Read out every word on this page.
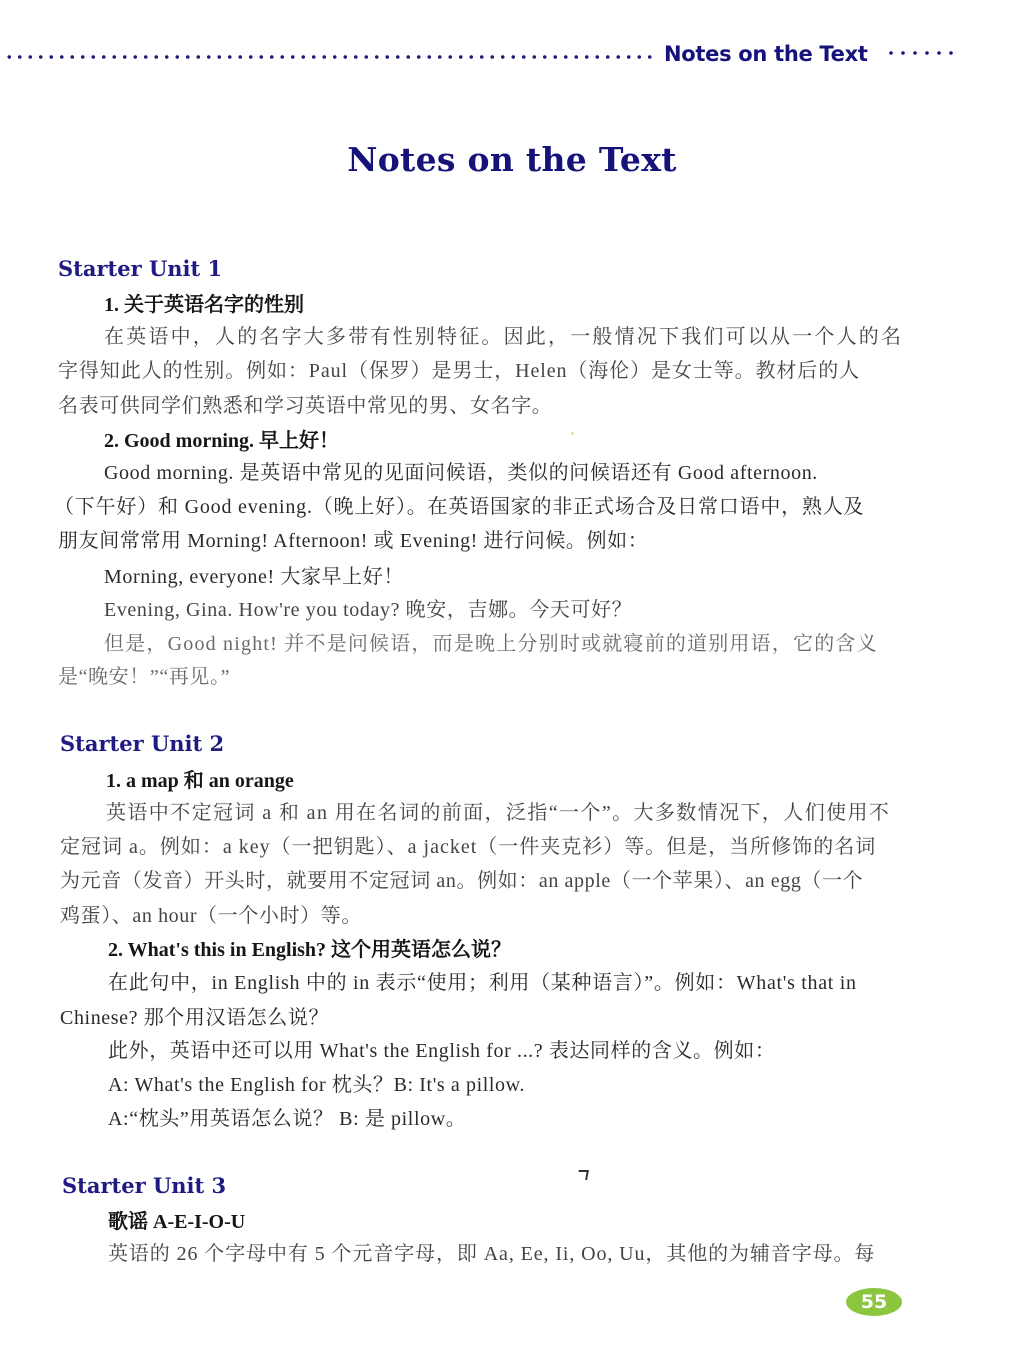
Notes on the Text
Notes on the Text
Starter Unit 1
1. 关于英语名字的性别
在英语中，人的名字大多带有性别特征。因此，一般情况下我们可以从一个人的名
字得知此人的性别。例如：Paul（保罗）是男士，Helen（海伦）是女士等。教材后的人
名表可供同学们熟悉和学习英语中常见的男、女名字。
2. Good morning. 早上好！
Good morning. 是英语中常见的见面问候语，类似的问候语还有 Good afternoon.
（下午好）和 Good evening.（晚上好）。在英语国家的非正式场合及日常口语中，熟人及
朋友间常常用 Morning! Afternoon! 或 Evening! 进行问候。例如：
Morning, everyone! 大家早上好！
Evening, Gina. How're you today? 晚安，吉娜。今天可好？
但是，Good night! 并不是问候语，而是晚上分别时或就寝前的道别用语，它的含义
是“晚安！”“再见。”
Starter Unit 2
1. a map 和 an orange
英语中不定冠词 a 和 an 用在名词的前面，泛指“一个”。大多数情况下，人们使用不
定冠词 a。例如：a key（一把钥匙）、a jacket（一件夹克衫）等。但是，当所修饰的名词
为元音（发音）开头时，就要用不定冠词 an。例如：an apple（一个苹果）、an egg（一个
鸡蛋）、an hour（一个小时）等。
2. What's this in English? 这个用英语怎么说？
在此句中，in English 中的 in 表示“使用；利用（某种语言）”。例如：What's that in
Chinese? 那个用汉语怎么说？
此外，英语中还可以用 What's the English for ...? 表达同样的含义。例如：
A: What's the English for 枕头？B: It's a pillow.
A:“枕头”用英语怎么说？ B: 是 pillow。
Starter Unit 3
歌谣 A-E-I-O-U
英语的 26 个字母中有 5 个元音字母，即 Aa, Ee, Ii, Oo, Uu，其他的为辅音字母。每
55
